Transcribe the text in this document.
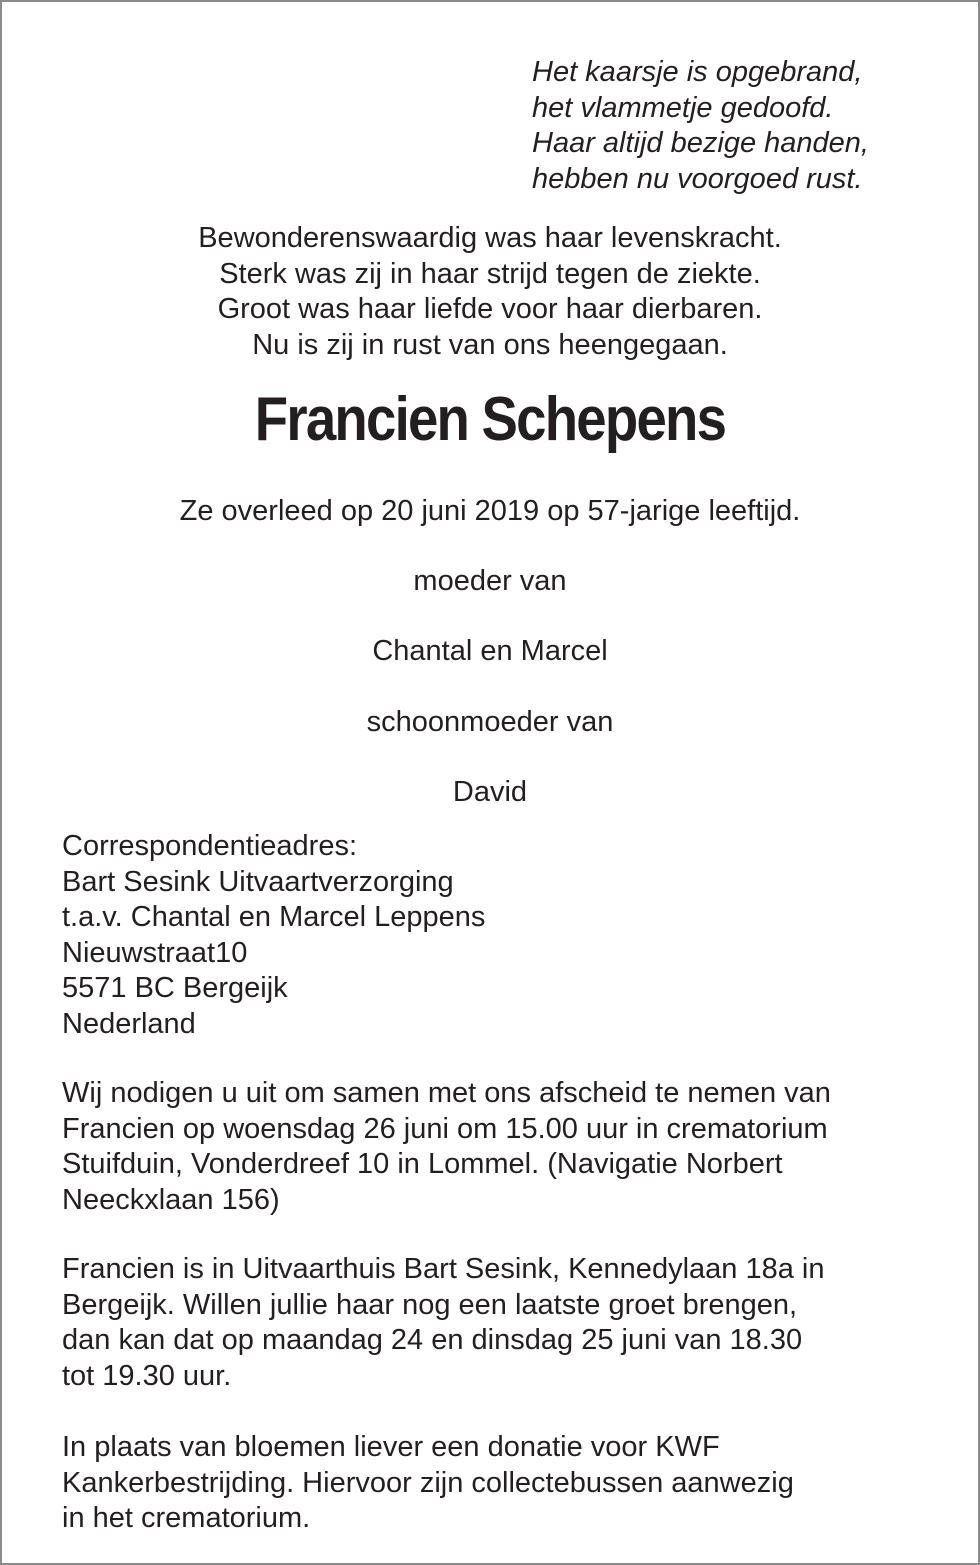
Het kaarsje is opgebrand,
het vlammetje gedoofd.
Haar altijd bezige handen,
hebben nu voorgoed rust.
Bewonderenswaardig was haar levenskracht.
Sterk was zij in haar strijd tegen de ziekte.
Groot was haar liefde voor haar dierbaren.
Nu is zij in rust van ons heengegaan.
Francien Schepens
Ze overleed op 20 juni 2019 op 57-jarige leeftijd.
moeder van
Chantal en Marcel
schoonmoeder van
David
Correspondentieadres:
Bart Sesink Uitvaartverzorging
t.a.v. Chantal en Marcel Leppens
Nieuwstraat10
5571 BC Bergeijk
Nederland
Wij nodigen u uit om samen met ons afscheid te nemen van
Francien op woensdag 26 juni om 15.00 uur in crematorium
Stuifduin, Vonderdreef 10 in Lommel. (Navigatie Norbert
Neeckxlaan 156)
Francien is in Uitvaarthuis Bart Sesink, Kennedylaan 18a in
Bergeijk. Willen jullie haar nog een laatste groet brengen,
dan kan dat op maandag 24 en dinsdag 25 juni van 18.30
tot 19.30 uur.
In plaats van bloemen liever een donatie voor KWF
Kankerbestrijding. Hiervoor zijn collectebussen aanwezig
in het crematorium.
